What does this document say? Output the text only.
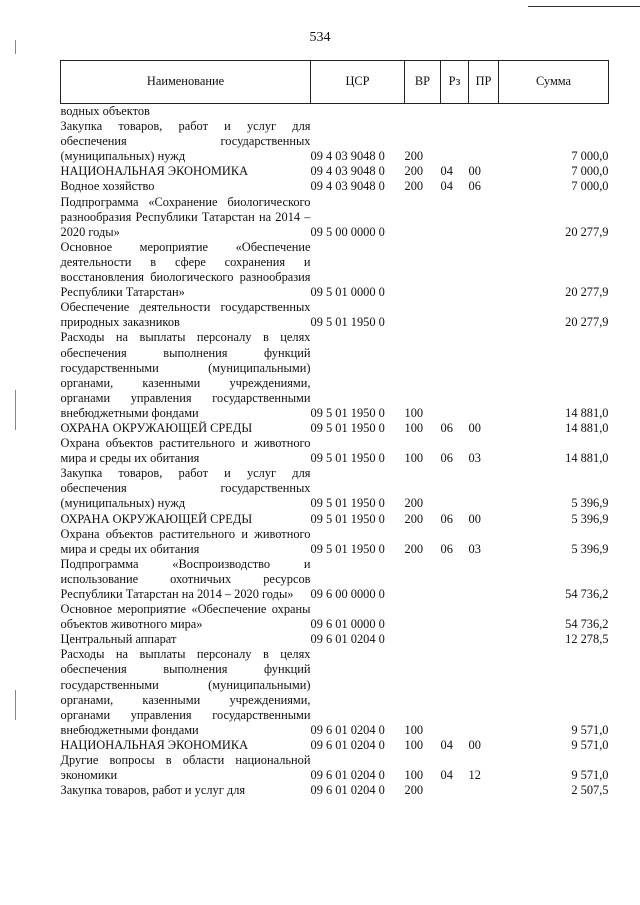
534
Наименование	ЦСР	ВР	Рз	ПР	Сумма
водных объектов					
Закупка товаров, работ и услуг для обеспечения государственных (муниципальных) нужд	09 4 03 9048 0	200			7 000,0
НАЦИОНАЛЬНАЯ ЭКОНОМИКА	09 4 03 9048 0	200	04	00	7 000,0
Водное хозяйство	09 4 03 9048 0	200	04	06	7 000,0
Подпрограмма «Сохранение биологического разнообразия Республики Татарстан на 2014 – 2020 годы»	09 5 00 0000 0				20 277,9
Основное мероприятие «Обеспечение деятельности в сфере сохранения и восстановления биологического разнообразия Республики Татарстан»	09 5 01 0000 0				20 277,9
Обеспечение деятельности государственных природных заказников	09 5 01 1950 0				20 277,9
Расходы на выплаты персоналу в целях обеспечения выполнения функций государственными (муниципальными) органами, казенными учреждениями, органами управления государственными внебюджетными фондами	09 5 01 1950 0	100			14 881,0
ОХРАНА ОКРУЖАЮЩЕЙ СРЕДЫ	09 5 01 1950 0	100	06	00	14 881,0
Охрана объектов растительного и животного мира и среды их обитания	09 5 01 1950 0	100	06	03	14 881,0
Закупка товаров, работ и услуг для обеспечения государственных (муниципальных) нужд	09 5 01 1950 0	200			5 396,9
ОХРАНА ОКРУЖАЮЩЕЙ СРЕДЫ	09 5 01 1950 0	200	06	00	5 396,9
Охрана объектов растительного и животного мира и среды их обитания	09 5 01 1950 0	200	06	03	5 396,9
Подпрограмма «Воспроизводство и использование охотничьих ресурсов Республики Татарстан на 2014 – 2020 годы»	09 6 00 0000 0				54 736,2
Основное мероприятие «Обеспечение охраны объектов животного мира»	09 6 01 0000 0				54 736,2
Центральный аппарат	09 6 01 0204 0				12 278,5
Расходы на выплаты персоналу в целях обеспечения выполнения функций государственными (муниципальными) органами, казенными учреждениями, органами управления государственными внебюджетными фондами	09 6 01 0204 0	100			9 571,0
НАЦИОНАЛЬНАЯ ЭКОНОМИКА	09 6 01 0204 0	100	04	00	9 571,0
Другие вопросы в области национальной экономики	09 6 01 0204 0	100	04	12	9 571,0
Закупка товаров, работ и услуг для	09 6 01 0204 0	200			2 507,5
